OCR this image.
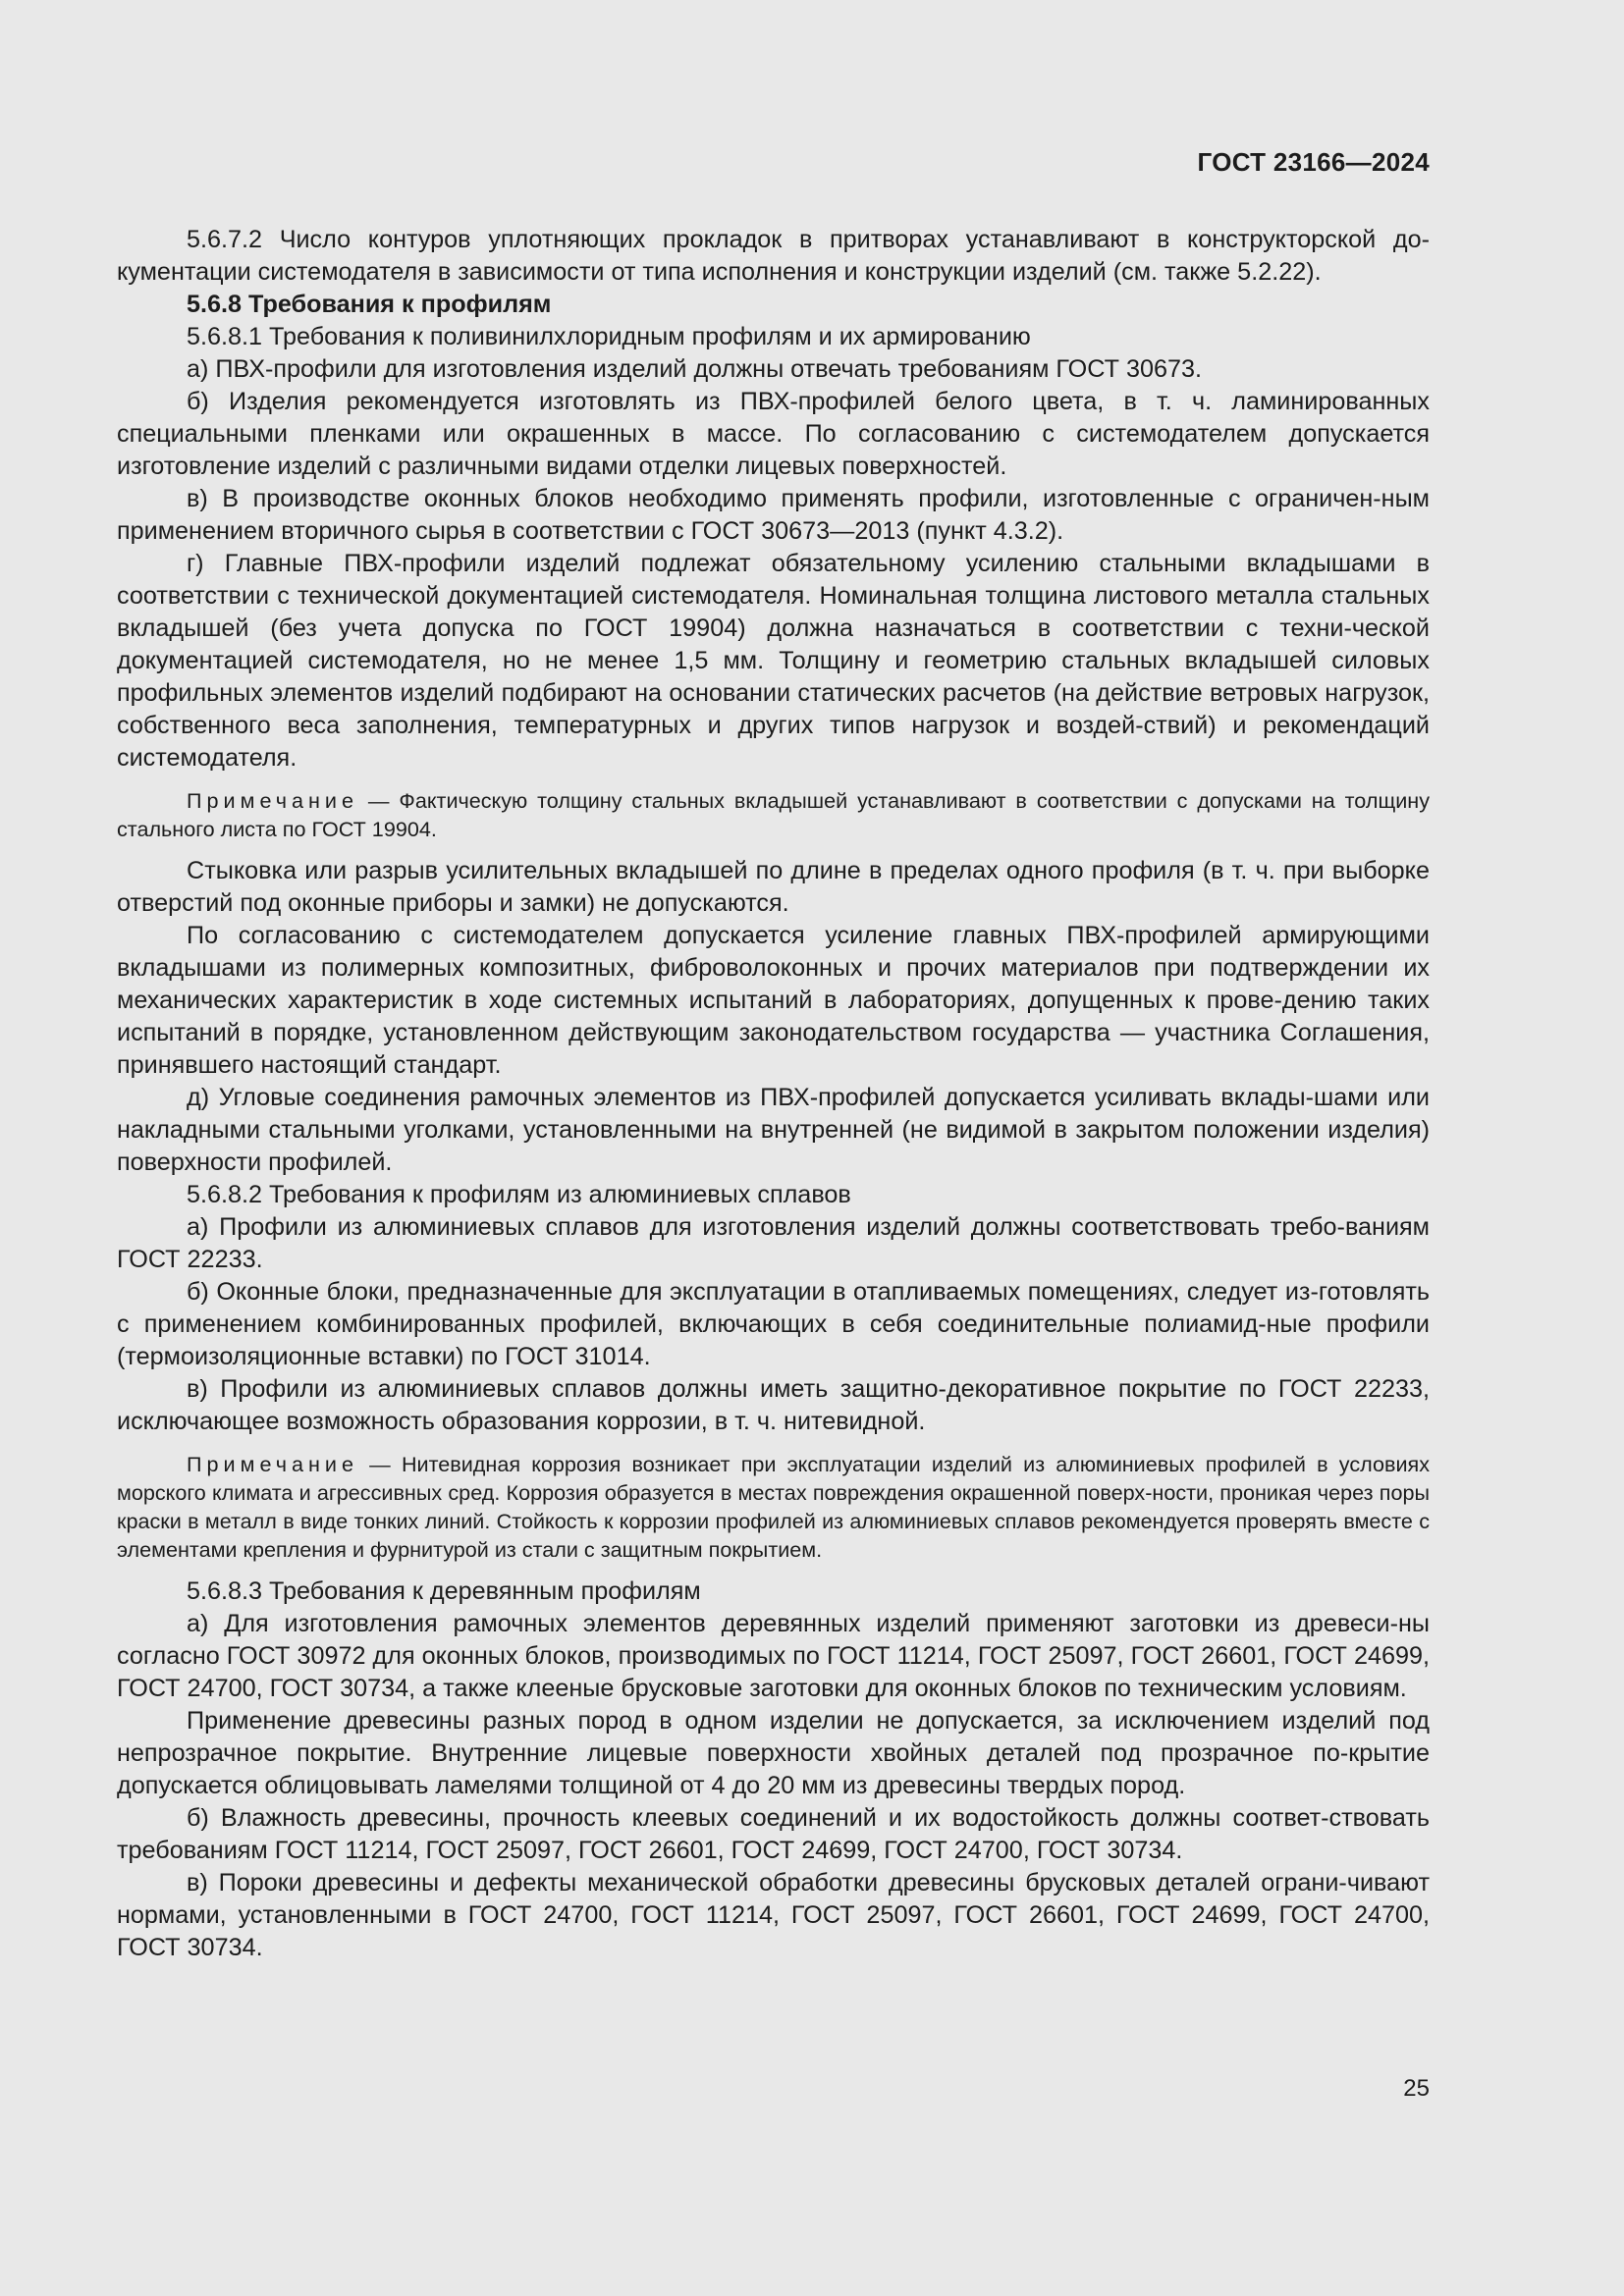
ГОСТ 23166—2024

5.6.7.2 Число контуров уплотняющих прокладок в притворах устанавливают в конструкторской до-кументации системодателя в зависимости от типа исполнения и конструкции изделий (см. также 5.2.22).

5.6.8 Требования к профилям

5.6.8.1 Требования к поливинилхлоридным профилям и их армированию

а) ПВХ-профили для изготовления изделий должны отвечать требованиям ГОСТ 30673.

б) Изделия рекомендуется изготовлять из ПВХ-профилей белого цвета, в т. ч. ламинированных специальными пленками или окрашенных в массе. По согласованию с системодателем допускается изготовление изделий с различными видами отделки лицевых поверхностей.

в) В производстве оконных блоков необходимо применять профили, изготовленные с ограничен-ным применением вторичного сырья в соответствии с ГОСТ 30673—2013 (пункт 4.3.2).

г) Главные ПВХ-профили изделий подлежат обязательному усилению стальными вкладышами в соответствии с технической документацией системодателя. Номинальная толщина листового металла стальных вкладышей (без учета допуска по ГОСТ 19904) должна назначаться в соответствии с техни-ческой документацией системодателя, но не менее 1,5 мм. Толщину и геометрию стальных вкладышей силовых профильных элементов изделий подбирают на основании статических расчетов (на действие ветровых нагрузок, собственного веса заполнения, температурных и других типов нагрузок и воздей-ствий) и рекомендаций системодателя.

Примечание — Фактическую толщину стальных вкладышей устанавливают в соответствии с допусками на толщину стального листа по ГОСТ 19904.

Стыковка или разрыв усилительных вкладышей по длине в пределах одного профиля (в т. ч. при выборке отверстий под оконные приборы и замки) не допускаются.

По согласованию с системодателем допускается усиление главных ПВХ-профилей армирующими вкладышами из полимерных композитных, фиброволоконных и прочих материалов при подтверждении их механических характеристик в ходе системных испытаний в лабораториях, допущенных к прове-дению таких испытаний в порядке, установленном действующим законодательством государства — участника Соглашения, принявшего настоящий стандарт.

д) Угловые соединения рамочных элементов из ПВХ-профилей допускается усиливать вклады-шами или накладными стальными уголками, установленными на внутренней (не видимой в закрытом положении изделия) поверхности профилей.

5.6.8.2 Требования к профилям из алюминиевых сплавов

а) Профили из алюминиевых сплавов для изготовления изделий должны соответствовать требо-ваниям ГОСТ 22233.

б) Оконные блоки, предназначенные для эксплуатации в отапливаемых помещениях, следует из-готовлять с применением комбинированных профилей, включающих в себя соединительные полиамид-ные профили (термоизоляционные вставки) по ГОСТ 31014.

в) Профили из алюминиевых сплавов должны иметь защитно-декоративное покрытие по ГОСТ 22233, исключающее возможность образования коррозии, в т. ч. нитевидной.

Примечание — Нитевидная коррозия возникает при эксплуатации изделий из алюминиевых профилей в условиях морского климата и агрессивных сред. Коррозия образуется в местах повреждения окрашенной поверх-ности, проникая через поры краски в металл в виде тонких линий. Стойкость к коррозии профилей из алюминиевых сплавов рекомендуется проверять вместе с элементами крепления и фурнитурой из стали с защитным покрытием.

5.6.8.3 Требования к деревянным профилям

а) Для изготовления рамочных элементов деревянных изделий применяют заготовки из древеси-ны согласно ГОСТ 30972 для оконных блоков, производимых по ГОСТ 11214, ГОСТ 25097, ГОСТ 26601, ГОСТ 24699, ГОСТ 24700, ГОСТ 30734, а также клееные брусковые заготовки для оконных блоков по техническим условиям.

Применение древесины разных пород в одном изделии не допускается, за исключением изделий под непрозрачное покрытие. Внутренние лицевые поверхности хвойных деталей под прозрачное по-крытие допускается облицовывать ламелями толщиной от 4 до 20 мм из древесины твердых пород.

б) Влажность древесины, прочность клеевых соединений и их водостойкость должны соответ-ствовать требованиям ГОСТ 11214, ГОСТ 25097, ГОСТ 26601, ГОСТ 24699, ГОСТ 24700, ГОСТ 30734.

в) Пороки древесины и дефекты механической обработки древесины брусковых деталей ограни-чивают нормами, установленными в ГОСТ 24700, ГОСТ 11214, ГОСТ 25097, ГОСТ 26601, ГОСТ 24699, ГОСТ 24700, ГОСТ 30734.

25
